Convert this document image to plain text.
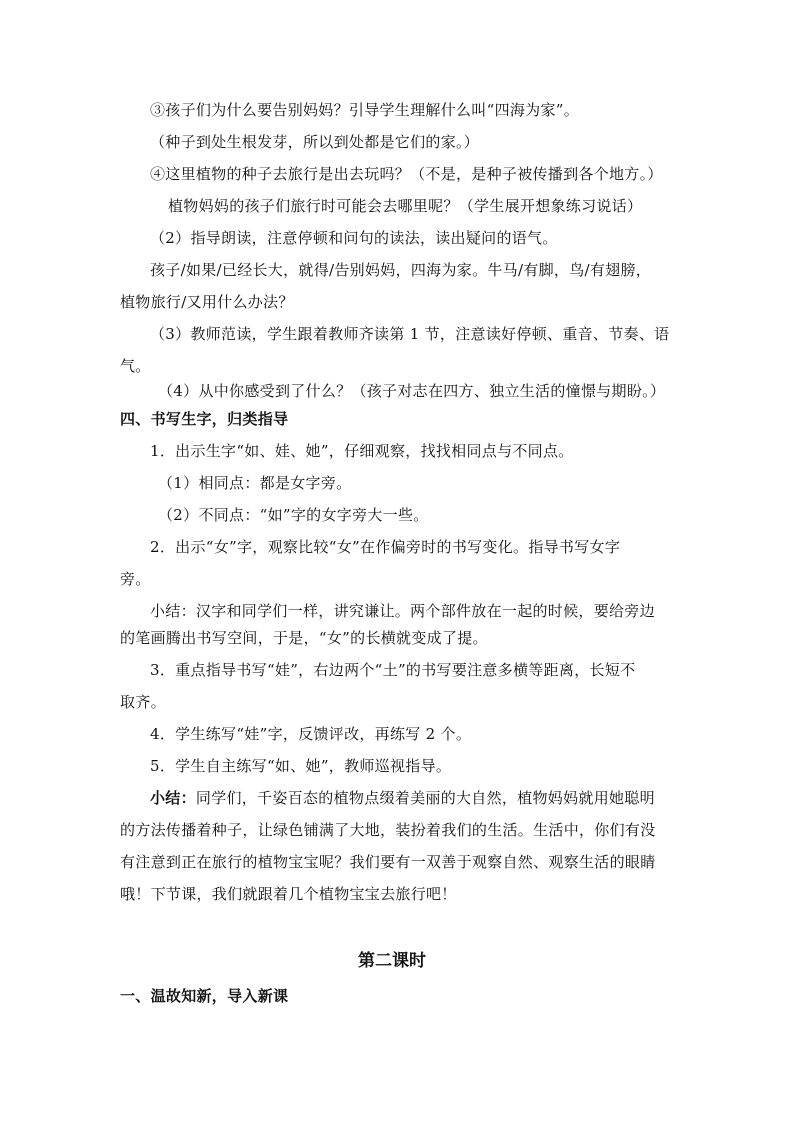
③孩子们为什么要告别妈妈？引导学生理解什么叫“四海为家”。
（种子到处生根发芽，所以到处都是它们的家。）
④这里植物的种子去旅行是出去玩吗？（不是，是种子被传播到各个地方。）
植物妈妈的孩子们旅行时可能会去哪里呢？（学生展开想象练习说话）
（2）指导朗读，注意停顿和问句的读法，读出疑问的语气。
孩子/如果/已经长大，就得/告别妈妈，四海为家。牛马/有脚，鸟/有翅膀，
植物旅行/又用什么办法？
（3）教师范读，学生跟着教师齐读第 1 节，注意读好停顿、重音、节奏、语
气。
（4）从中你感受到了什么？（孩子对志在四方、独立生活的憧憬与期盼。）
四、书写生字，归类指导
1．出示生字“如、娃、她”，仔细观察，找找相同点与不同点。
（1）相同点：都是女字旁。
（2）不同点：“如”字的女字旁大一些。
2．出示“女”字，观察比较“女”在作偏旁时的书写变化。指导书写女字
旁。
小结：汉字和同学们一样，讲究谦让。两个部件放在一起的时候，要给旁边
的笔画腾出书写空间，于是，“女”的长横就变成了提。
3．重点指导书写“娃”，右边两个“土”的书写要注意多横等距离，长短不
取齐。
4．学生练写“娃”字，反馈评改，再练写 2 个。
5．学生自主练写“如、她”，教师巡视指导。
小结：同学们，千姿百态的植物点缀着美丽的大自然，植物妈妈就用她聪明
的方法传播着种子，让绿色铺满了大地，装扮着我们的生活。生活中，你们有没
有注意到正在旅行的植物宝宝呢？我们要有一双善于观察自然、观察生活的眼睛
哦！下节课，我们就跟着几个植物宝宝去旅行吧！
第二课时
一、温故知新，导入新课
